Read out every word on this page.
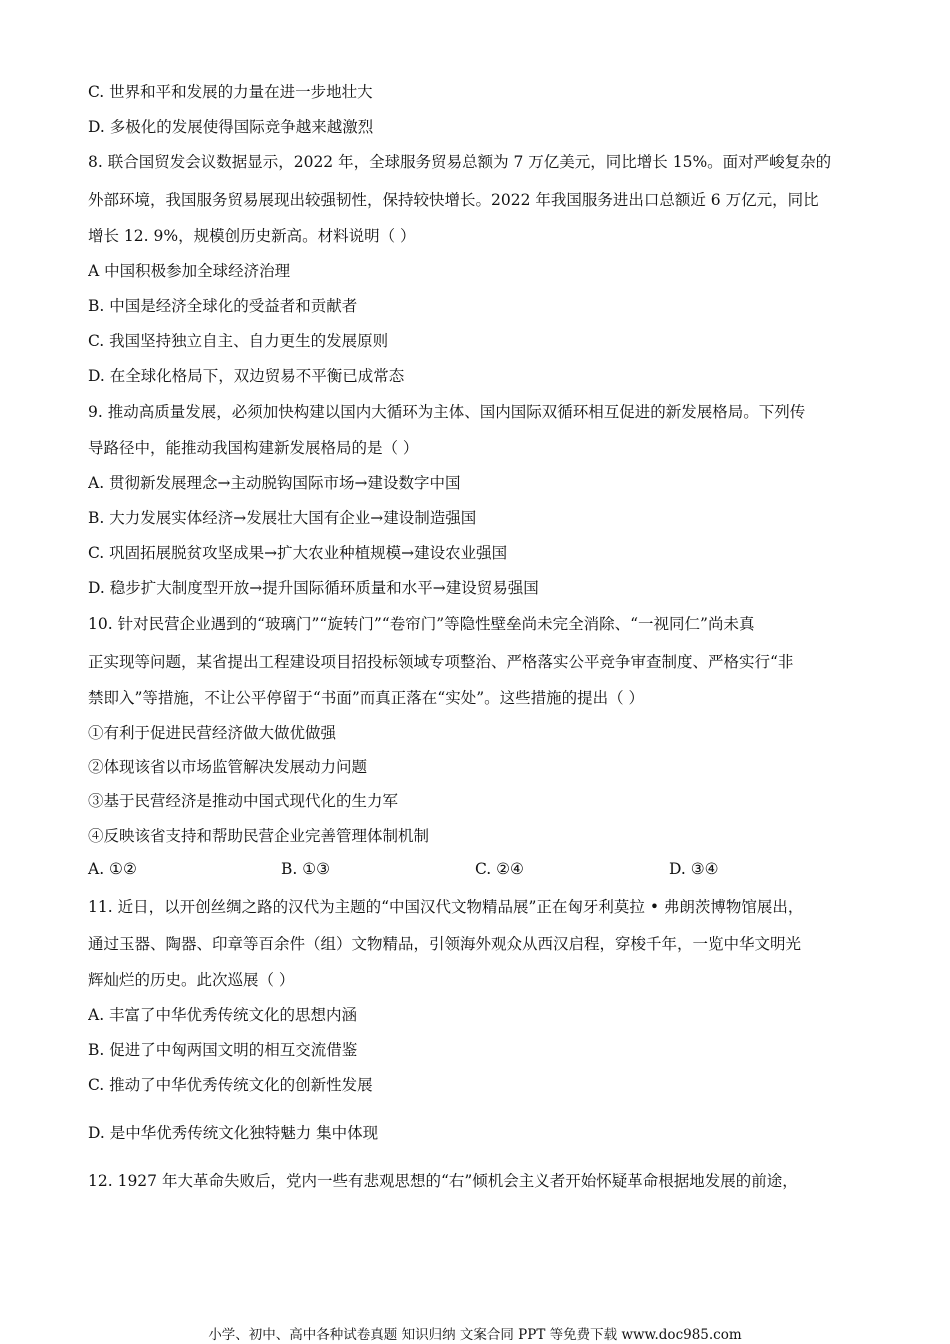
C. 世界和平和发展的力量在进一步地壮大
D. 多极化的发展使得国际竞争越来越激烈
8. 联合国贸发会议数据显示，2022 年，全球服务贸易总额为 7 万亿美元，同比增长 15%。面对严峻复杂的
外部环境，我国服务贸易展现出较强韧性，保持较快增长。2022 年我国服务进出口总额近 6 万亿元，同比
增长 12. 9%，规模创历史新高。材料说明（ ）
A 中国积极参加全球经济治理
B. 中国是经济全球化的受益者和贡献者
C. 我国坚持独立自主、自力更生的发展原则
D. 在全球化格局下，双边贸易不平衡已成常态
9. 推动高质量发展，必须加快构建以国内大循环为主体、国内国际双循环相互促进的新发展格局。下列传
导路径中，能推动我国构建新发展格局的是（ ）
A. 贯彻新发展理念→主动脱钩国际市场→建设数字中国
B. 大力发展实体经济→发展壮大国有企业→建设制造强国
C. 巩固拓展脱贫攻坚成果→扩大农业种植规模→建设农业强国
D. 稳步扩大制度型开放→提升国际循环质量和水平→建设贸易强国
10. 针对民营企业遇到的“玻璃门”“旋转门”“卷帘门”等隐性壁垒尚未完全消除、“一视同仁”尚未真
正实现等问题，某省提出工程建设项目招投标领域专项整治、严格落实公平竞争审查制度、严格实行“非
禁即入”等措施，不让公平停留于“书面”而真正落在“实处”。这些措施的提出（ ）
①有利于促进民营经济做大做优做强
②体现该省以市场监管解决发展动力问题
③基于民营经济是推动中国式现代化的生力军
④反映该省支持和帮助民营企业完善管理体制机制
A. ①②	B. ①③	C. ②④	D. ③④
11. 近日，以开创丝绸之路的汉代为主题的“中国汉代文物精品展”正在匈牙利莫拉 • 弗朗茨博物馆展出，
通过玉器、陶器、印章等百余件（组）文物精品，引领海外观众从西汉启程，穿梭千年，一览中华文明光
辉灿烂的历史。此次巡展（ ）
A. 丰富了中华优秀传统文化的思想内涵
B. 促进了中匈两国文明的相互交流借鉴
C. 推动了中华优秀传统文化的创新性发展
D. 是中华优秀传统文化独特魅力 集中体现
12. 1927 年大革命失败后，党内一些有悲观思想的“右”倾机会主义者开始怀疑革命根据地发展的前途，
小学、初中、高中各种试卷真题 知识归纳 文案合同 PPT 等免费下载 www.doc985.com
